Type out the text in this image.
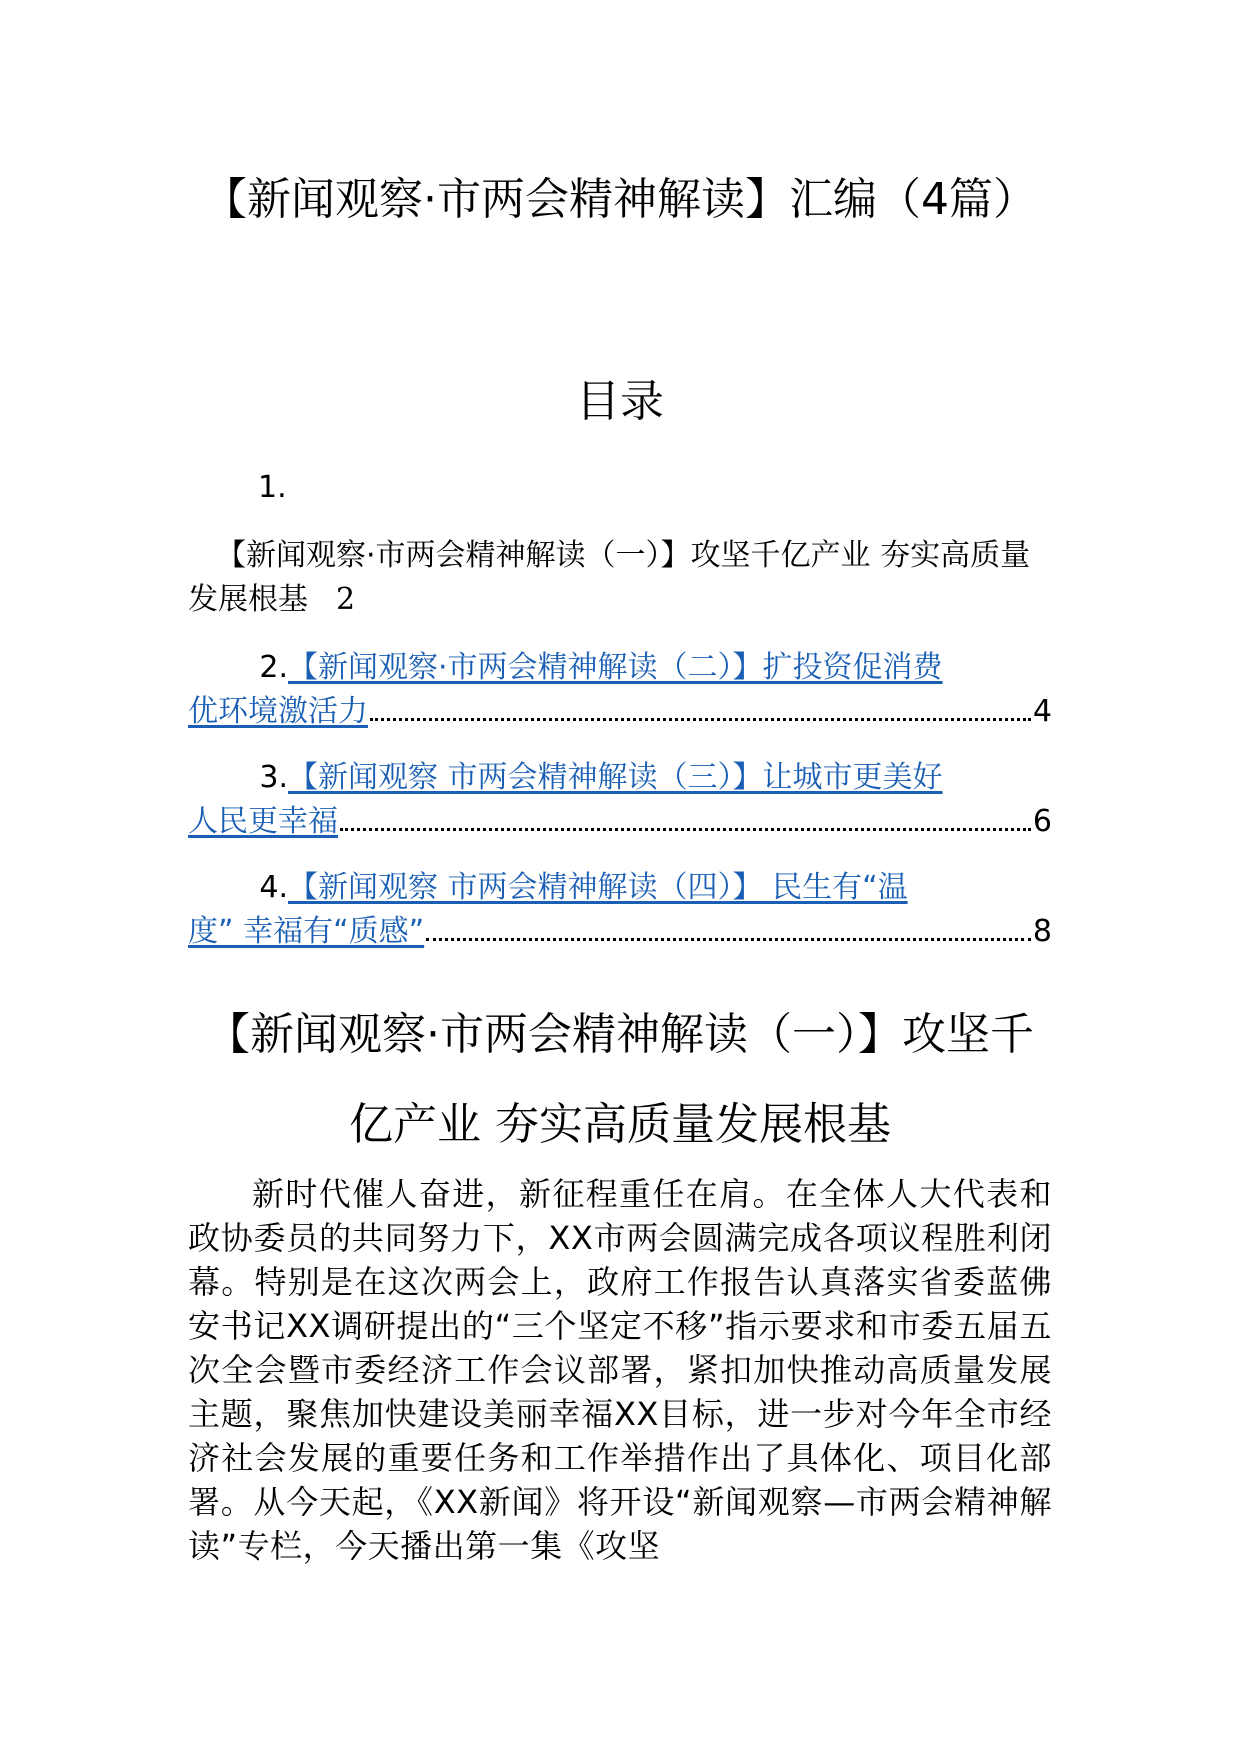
【新闻观察·市两会精神解读】汇编（4篇）
目录
1.
【新闻观察·市两会精神解读（一）】攻坚千亿产业 夯实高质量发展根基 2
2. 【新闻观察·市两会精神解读（二）】扩投资促消费
优环境激活力	4
3. 【新闻观察 市两会精神解读（三）】让城市更美好
人民更幸福	6
4. 【新闻观察 市两会精神解读（四）】 民生有“温
度” 幸福有“质感”	8
【新闻观察·市两会精神解读（一）】攻坚千亿产业 夯实高质量发展根基

新时代催人奋进，新征程重任在肩。在全体人大代表和政协委员的共同努力下，XX市两会圆满完成各项议程胜利闭幕。特别是在这次两会上，政府工作报告认真落实省委蓝佛安书记XX调研提出的“三个坚定不移”指示要求和市委五届五次全会暨市委经济工作会议部署，紧扣加快推动高质量发展主题，聚焦加快建设美丽幸福XX目标，进一步对今年全市经济社会发展的重要任务和工作举措作出了具体化、项目化部署。从今天起，《XX新闻》将开设“新闻观察—市两会精神解读”专栏，今天播出第一集《攻坚
